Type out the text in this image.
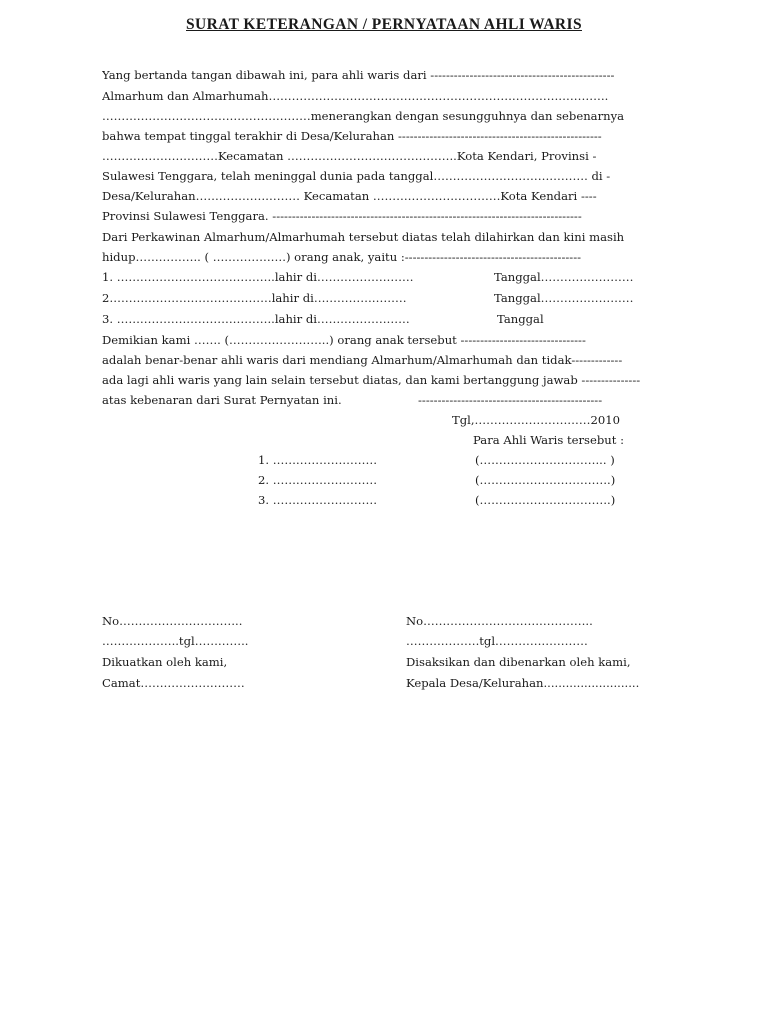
SURAT KETERANGAN / PERNYATAAN AHLI WARIS
Yang bertanda tangan dibawah ini, para ahli waris dari -----------------------------------------------
Almarhum dan Almarhumah…………………………………………………………………………….
………………………………………………menerangkan dengan sesungguhnya dan sebenarnya
bahwa tempat tinggal terakhir di Desa/Kelurahan ----------------------------------------------------
…………………………Kecamatan ……………………………………..Kota Kendari, Provinsi -
Sulawesi Tenggara, telah meninggal dunia pada tanggal…………………………………. di -
Desa/Kelurahan……………………… Kecamatan ……………………………Kota Kendari ----
Provinsi Sulawesi Tenggara. -------------------------------------------------------------------------------
Dari Perkawinan Almarhum/Almarhumah tersebut diatas telah dilahirkan dan kini masih
hidup…………….. ( ……………….) orang anak, yaitu :---------------------------------------------
1. …………………………………..lahir di…………………….	Tanggal……………………
2……………………………………lahir di……………………	Tanggal……………………
3. …………………………………..lahir di……………………	Tanggal
Demikian kami ……. (……………………..) orang anak tersebut --------------------------------
adalah benar-benar ahli waris dari mendiang Almarhum/Almarhumah dan tidak-------------
ada lagi ahli waris yang lain selain tersebut diatas, dan kami bertanggung jawab ---------------
atas kebenaran dari Surat Pernyatan ini.	-----------------------------------------------
Tgl,…………………………2010
Para Ahli Waris tersebut :
1. ………………………	(…………………………... )
2. ………………………	(…………………………….)
3. ………………………	(…………………………….)
No…………………………..
………………..tgl…………..
Dikuatkan oleh kami,
Camat………………………
No……………………………………..
……………….tgl……………………
Disaksikan dan dibenarkan oleh kami,
Kepala Desa/Kelurahan..........................
